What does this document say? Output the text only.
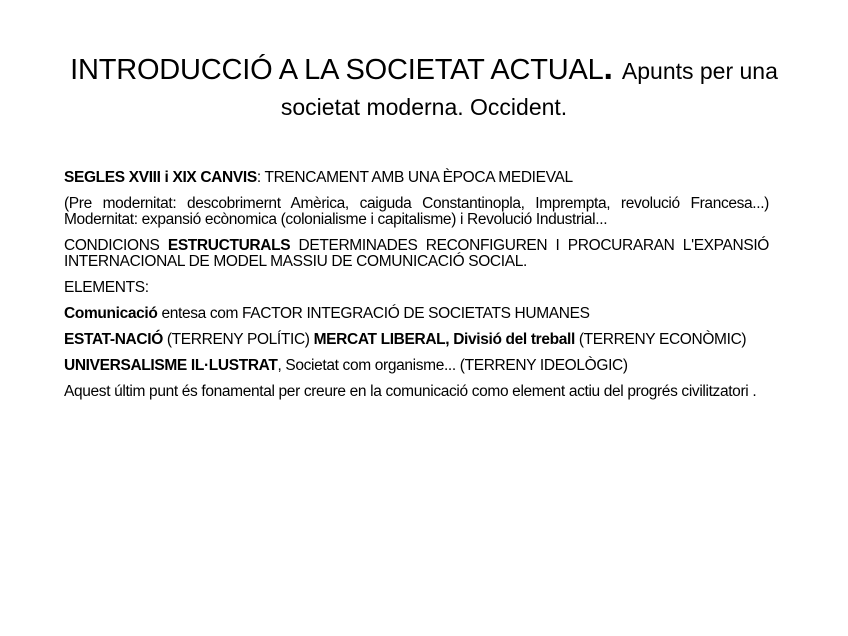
INTRODUCCIÓ A LA SOCIETAT ACTUAL. Apunts per una
societat moderna. Occident.

SEGLES XVIII i XIX CANVIS: TRENCAMENT AMB UNA ÈPOCA MEDIEVAL

(Pre modernitat: descobrimernt Amèrica, caiguda Constantinopla, Imprempta, revolució Francesa...) Modernitat: expansió ecònomica (colonialisme i capitalisme) i Revolució Industrial...

CONDICIONS ESTRUCTURALS DETERMINADES RECONFIGUREN I PROCURARAN L'EXPANSIÓ INTERNACIONAL DE MODEL MASSIU DE COMUNICACIÓ SOCIAL.

ELEMENTS:

Comunicació entesa com FACTOR INTEGRACIÓ DE SOCIETATS HUMANES

ESTAT-NACIÓ (TERRENY POLÍTIC) MERCAT LIBERAL, Divisió del treball (TERRENY ECONÒMIC)

UNIVERSALISME IL·LUSTRAT, Societat com organisme... (TERRENY IDEOLÒGIC)

Aquest últim punt és fonamental per creure en la comunicació como element actiu del progrés civilitzatori .
